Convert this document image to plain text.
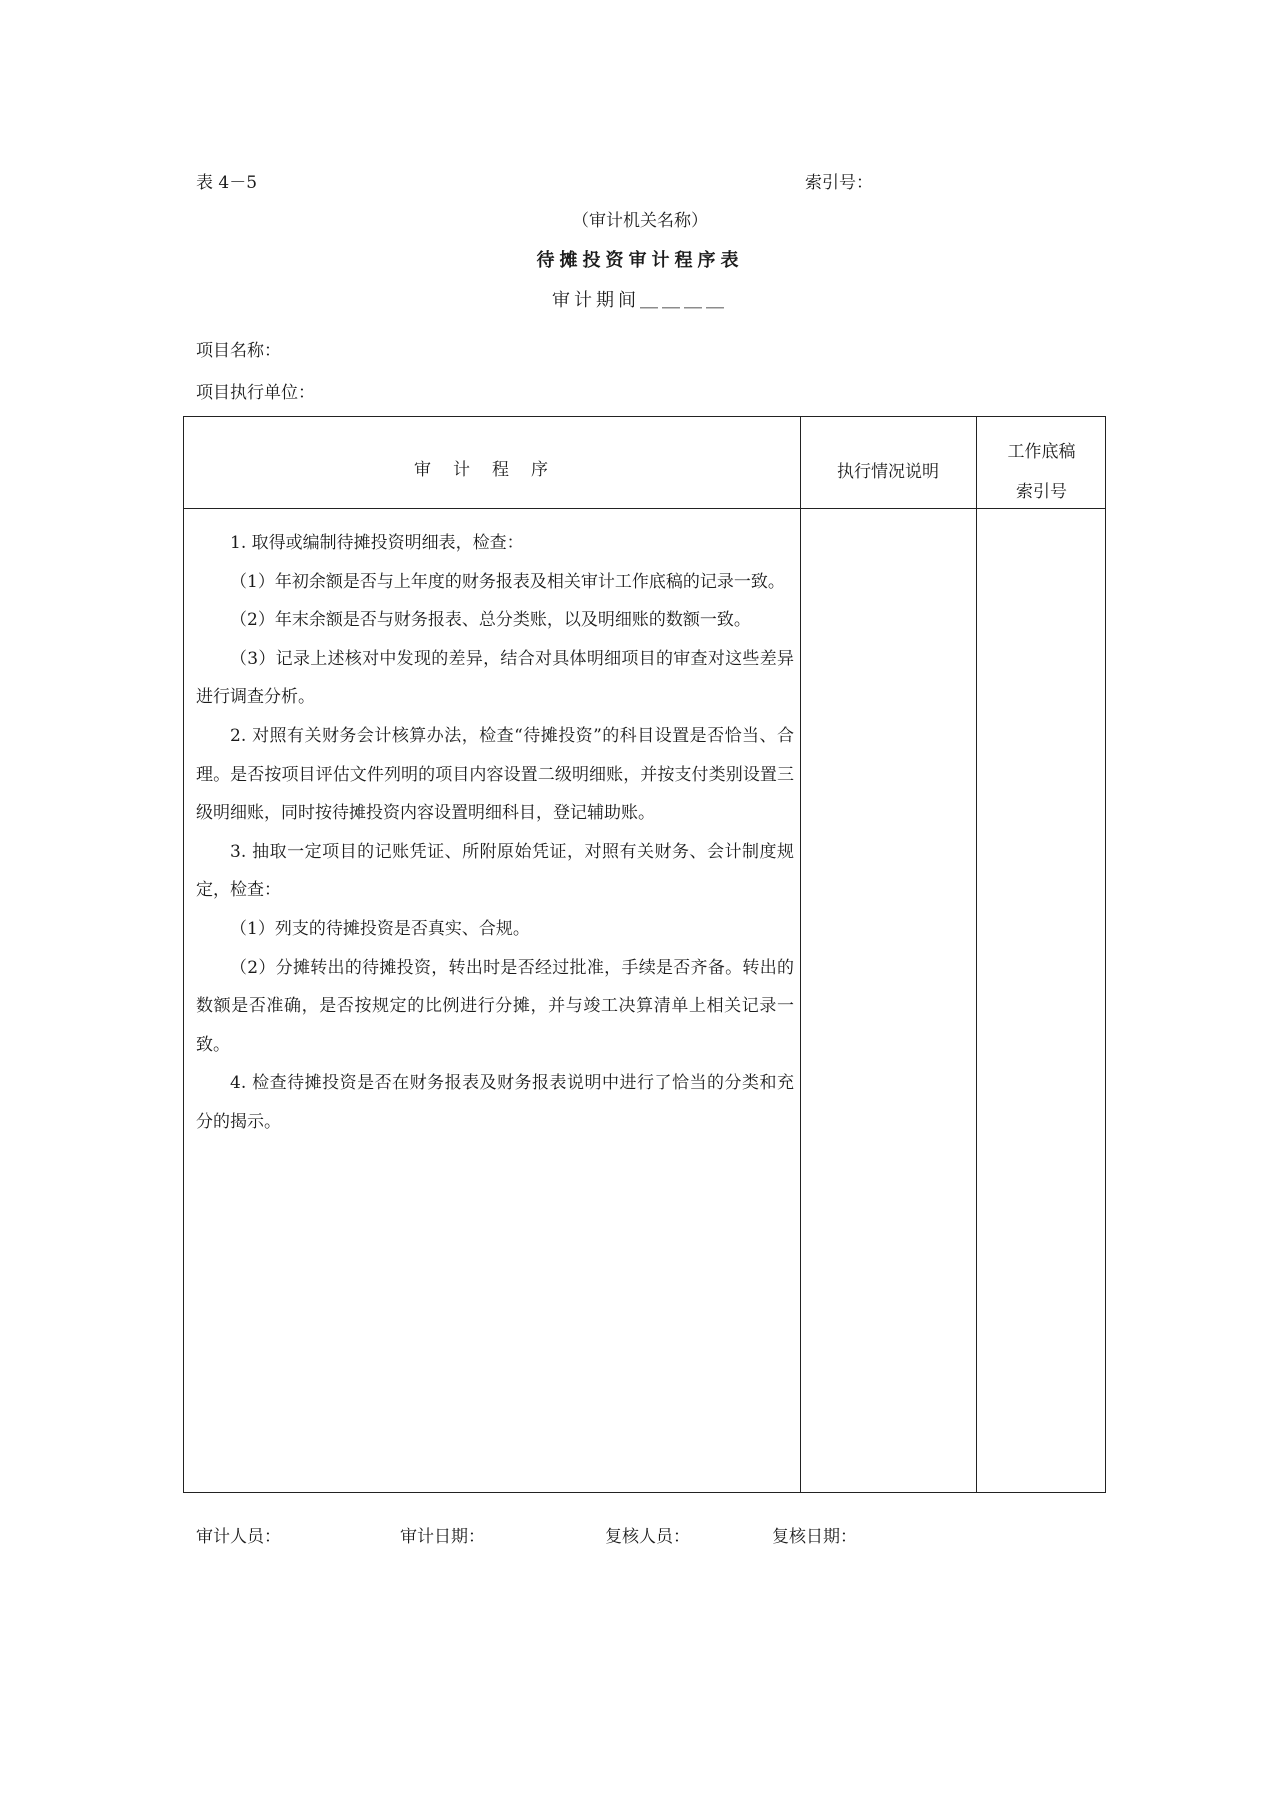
表 4－5	索引号：
（审计机关名称）
待摊投资审计程序表
审计期间＿＿＿＿
项目名称：
项目执行单位：
审计程序	执行情况说明
工作底稿
索引号

1. 取得或编制待摊投资明细表，检查：

（1）年初余额是否与上年度的财务报表及相关审计工作底稿的记录一致。

（2）年末余额是否与财务报表、总分类账，以及明细账的数额一致。

（3）记录上述核对中发现的差异，结合对具体明细项目的审查对这些差异进行调查分析。

2. 对照有关财务会计核算办法，检查“待摊投资”的科目设置是否恰当、合理。是否按项目评估文件列明的项目内容设置二级明细账，并按支付类别设置三级明细账，同时按待摊投资内容设置明细科目，登记辅助账。

3. 抽取一定项目的记账凭证、所附原始凭证，对照有关财务、会计制度规定，检查：

（1）列支的待摊投资是否真实、合规。

（2）分摊转出的待摊投资，转出时是否经过批准，手续是否齐备。转出的数额是否准确，是否按规定的比例进行分摊，并与竣工决算清单上相关记录一致。

4. 检查待摊投资是否在财务报表及财务报表说明中进行了恰当的分类和充分的揭示。

审计人员：	审计日期：	复核人员：	复核日期：
